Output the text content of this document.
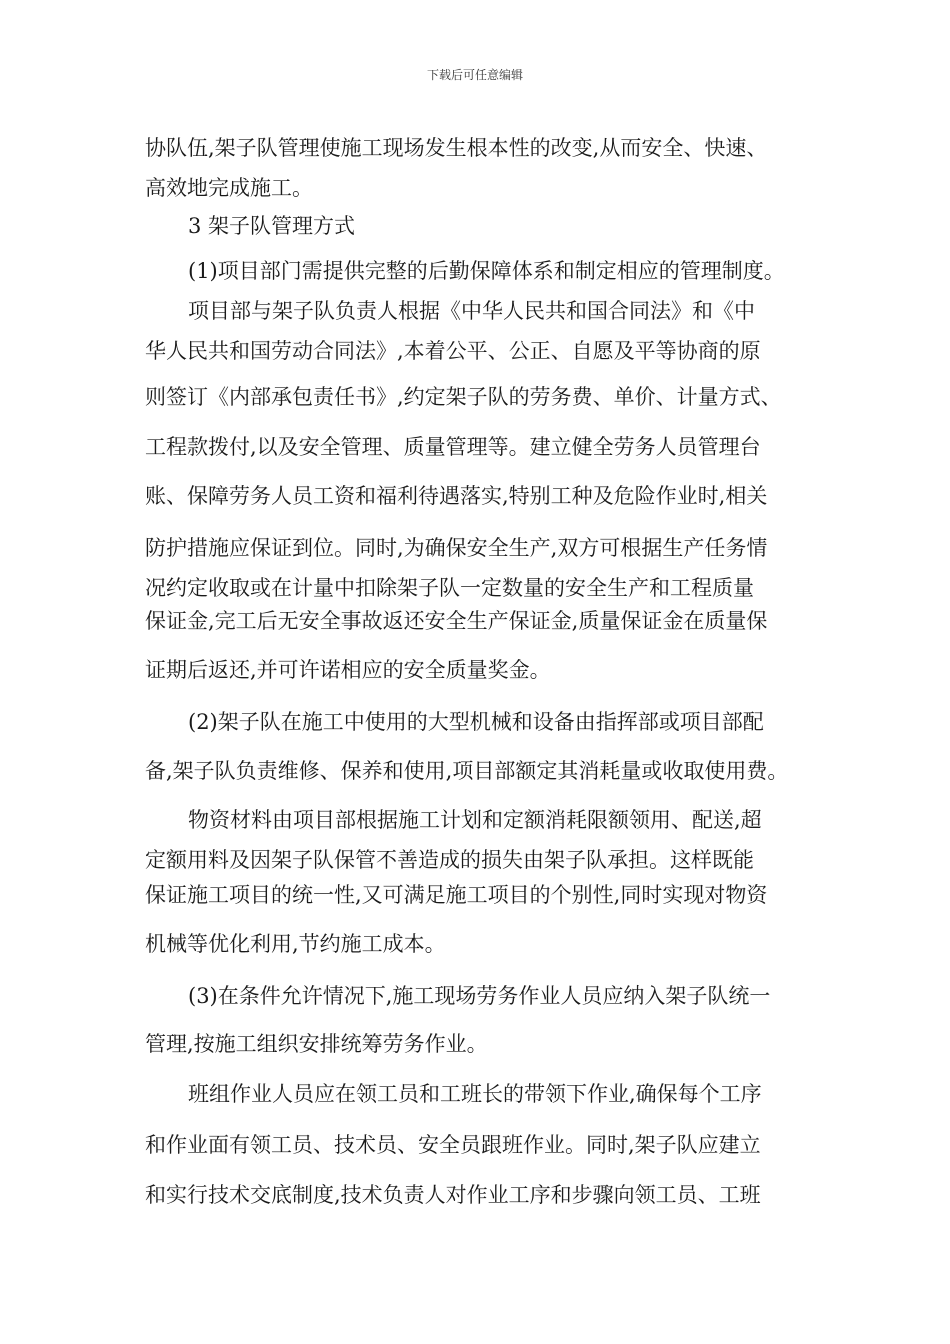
下载后可任意编辑
协队伍,架子队管理使施工现场发生根本性的改变,从而安全、快速、
高效地完成施工。
3 架子队管理方式
(1)项目部门需提供完整的后勤保障体系和制定相应的管理制度。
项目部与架子队负责人根据《中华人民共和国合同法》和《中
华人民共和国劳动合同法》,本着公平、公正、自愿及平等协商的原
则签订《内部承包责任书》,约定架子队的劳务费、单价、计量方式、
工程款拨付,以及安全管理、质量管理等。建立健全劳务人员管理台
账、保障劳务人员工资和福利待遇落实,特别工种及危险作业时,相关
防护措施应保证到位。同时,为确保安全生产,双方可根据生产任务情
况约定收取或在计量中扣除架子队一定数量的安全生产和工程质量
保证金,完工后无安全事故返还安全生产保证金,质量保证金在质量保
证期后返还,并可许诺相应的安全质量奖金。
(2)架子队在施工中使用的大型机械和设备由指挥部或项目部配
备,架子队负责维修、保养和使用,项目部额定其消耗量或收取使用费。
物资材料由项目部根据施工计划和定额消耗限额领用、配送,超
定额用料及因架子队保管不善造成的损失由架子队承担。这样既能
保证施工项目的统一性,又可满足施工项目的个别性,同时实现对物资
机械等优化利用,节约施工成本。
(3)在条件允许情况下,施工现场劳务作业人员应纳入架子队统一
管理,按施工组织安排统筹劳务作业。
班组作业人员应在领工员和工班长的带领下作业,确保每个工序
和作业面有领工员、技术员、安全员跟班作业。同时,架子队应建立
和实行技术交底制度,技术负责人对作业工序和步骤向领工员、工班
